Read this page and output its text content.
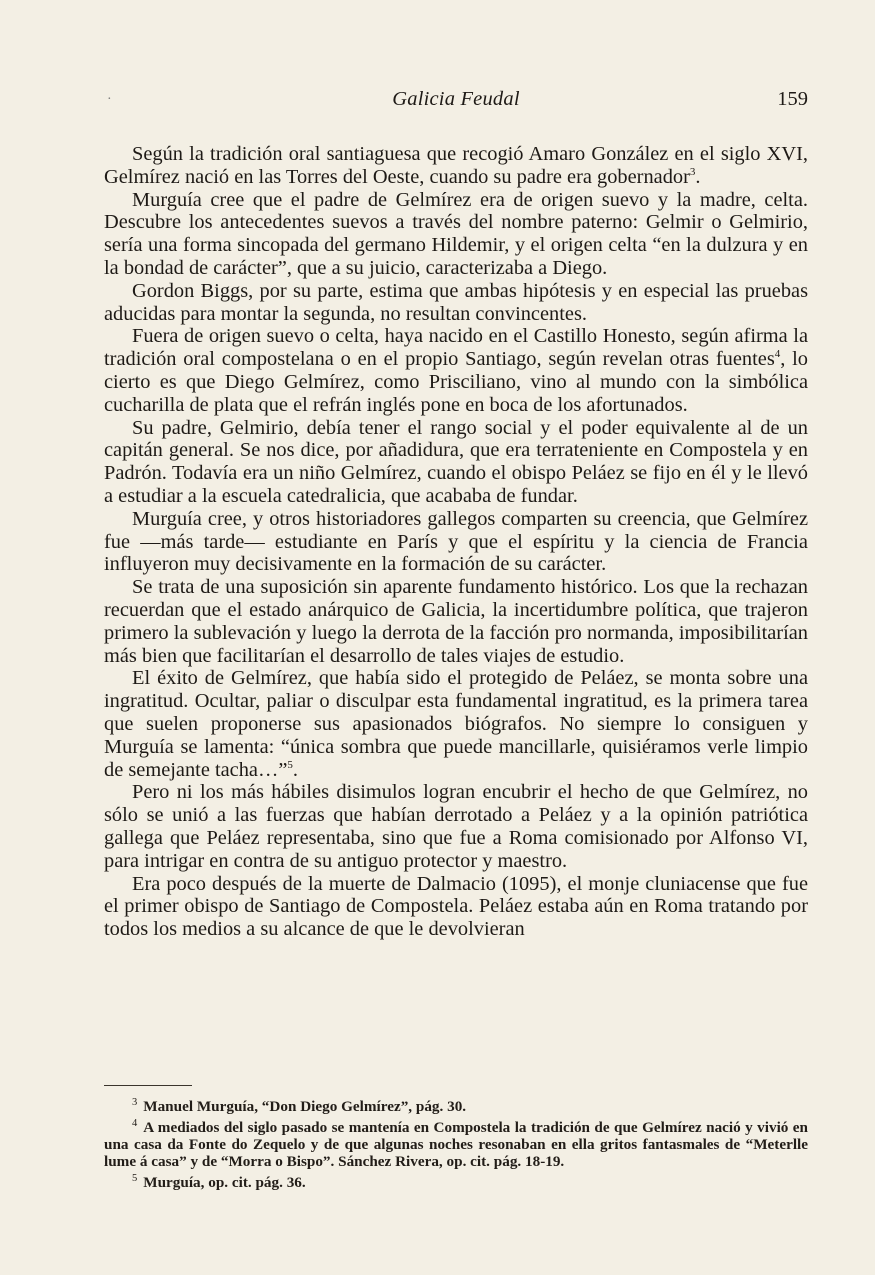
·	Galicia Feudal	159

Según la tradición oral santiaguesa que recogió Amaro González en el siglo XVI, Gelmírez nació en las Torres del Oeste, cuando su padre era gobernador$^3$.

Murguía cree que el padre de Gelmírez era de origen suevo y la madre, celta. Descubre los antecedentes suevos a través del nombre paterno: Gelmir o Gelmirio, sería una forma sincopada del germano Hildemir, y el origen celta “en la dulzura y en la bondad de carácter”, que a su juicio, caracterizaba a Diego.

Gordon Biggs, por su parte, estima que ambas hipótesis y en especial las pruebas aducidas para montar la segunda, no resultan convincentes.

Fuera de origen suevo o celta, haya nacido en el Castillo Honesto, según afirma la tradición oral compostelana o en el propio Santiago, según revelan otras fuentes$^4$, lo cierto es que Diego Gelmírez, como Prisciliano, vino al mundo con la simbólica cucharilla de plata que el refrán inglés pone en boca de los afortunados.

Su padre, Gelmirio, debía tener el rango social y el poder equivalente al de un capitán general. Se nos dice, por añadidura, que era terrateniente en Compostela y en Padrón. Todavía era un niño Gelmírez, cuando el obispo Peláez se fijo en él y le llevó a estudiar a la escuela catedralicia, que acababa de fundar.

Murguía cree, y otros historiadores gallegos comparten su creencia, que Gelmírez fue —más tarde— estudiante en París y que el espíritu y la ciencia de Francia influyeron muy decisivamente en la formación de su carácter.

Se trata de una suposición sin aparente fundamento histórico. Los que la rechazan recuerdan que el estado anárquico de Galicia, la incertidumbre política, que trajeron primero la sublevación y luego la derrota de la facción pro normanda, imposibilitarían más bien que facilitarían el desarrollo de tales viajes de estudio.

El éxito de Gelmírez, que había sido el protegido de Peláez, se monta sobre una ingratitud. Ocultar, paliar o disculpar esta fundamental ingratitud, es la primera tarea que suelen proponerse sus apasionados biógrafos. No siempre lo consiguen y Murguía se lamenta: “única sombra que puede mancillarle, quisiéramos verle limpio de semejante tacha…”$^5$.

Pero ni los más hábiles disimulos logran encubrir el hecho de que Gelmírez, no sólo se unió a las fuerzas que habían derrotado a Peláez y a la opinión patriótica gallega que Peláez representaba, sino que fue a Roma comisionado por Alfonso VI, para intrigar en contra de su antiguo protector y maestro.

Era poco después de la muerte de Dalmacio (1095), el monje cluniacense que fue el primer obispo de Santiago de Compostela. Peláez estaba aún en Roma tratando por todos los medios a su alcance de que le devolvieran

$^3$ Manuel Murguía, “Don Diego Gelmírez”, pág. 30.

$^4$ A mediados del siglo pasado se mantenía en Compostela la tradición de que Gelmírez nació y vivió en una casa da Fonte do Zequelo y de que algunas noches resonaban en ella gritos fantasmales de “Meterlle lume á casa” y de “Morra o Bispo”. Sánchez Rivera, op. cit. pág. 18-19.

$^5$ Murguía, op. cit. pág. 36.
